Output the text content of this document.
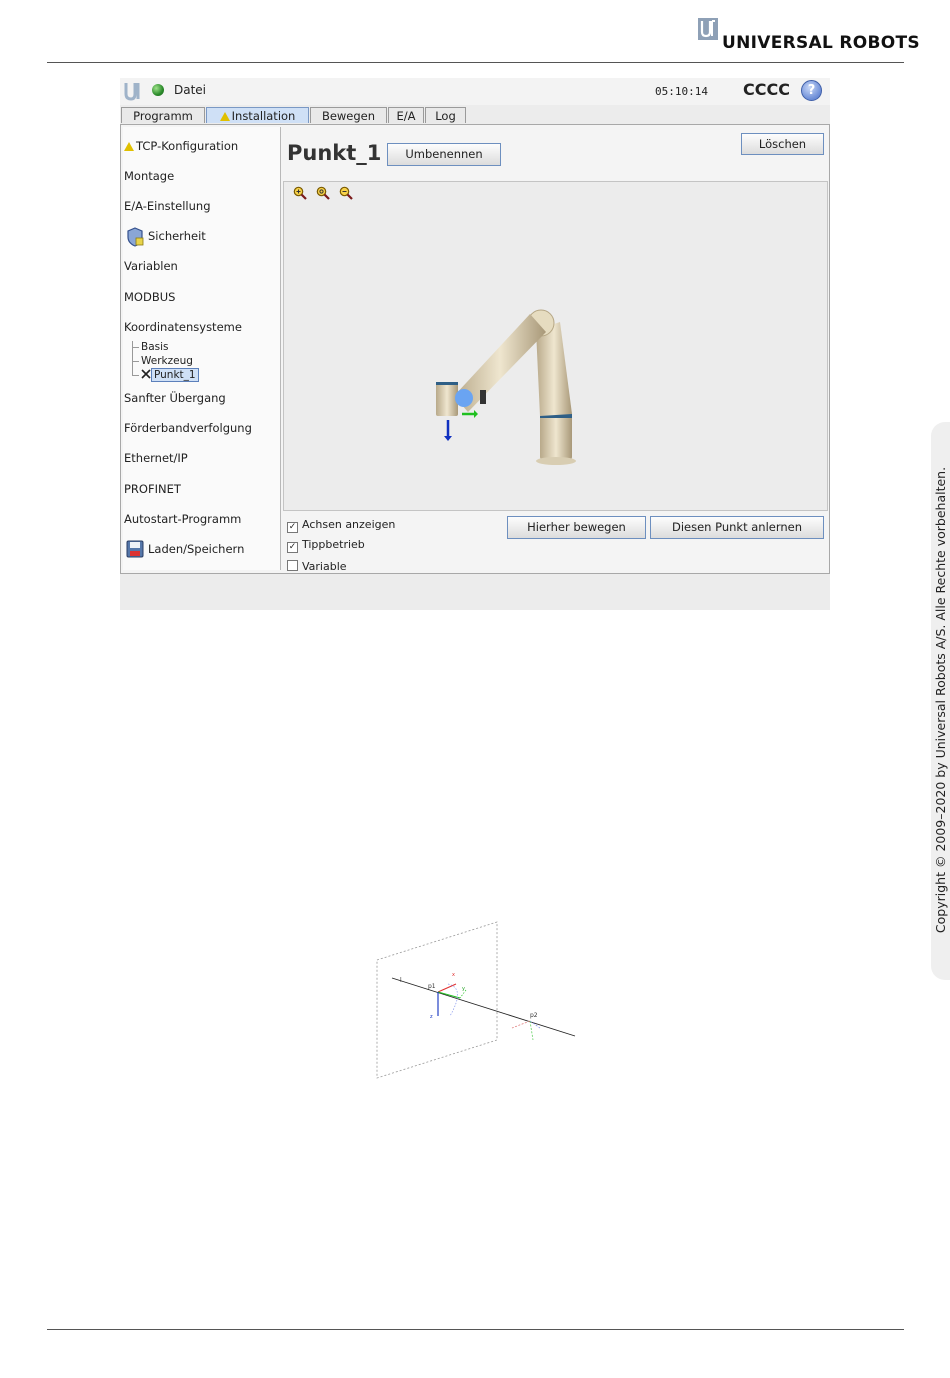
UNIVERSAL ROBOTS
Datei	05:10:14 CCCC	?
Programm	Installation	Bewegen	E/A	Log
TCP-Konfiguration
Montage
E/A-Einstellung
Sicherheit
Variablen
MODBUS
Koordinatensysteme
Basis
Werkzeug
Punkt_1
Sanfter Übergang
Förderbandverfolgung
Ethernet/IP
PROFINET
Autostart-Programm
Laden/Speichern
Punkt_1	Umbenennen
Löschen
✓ Achsen anzeigen
✓ Tippbetrieb
Variable
Hierher bewegen	Diesen Punkt anlernen
l
p1
p2
x
y
z
Copyright © 2009–2020 by Universal Robots A/S. Alle Rechte vorbehalten.
